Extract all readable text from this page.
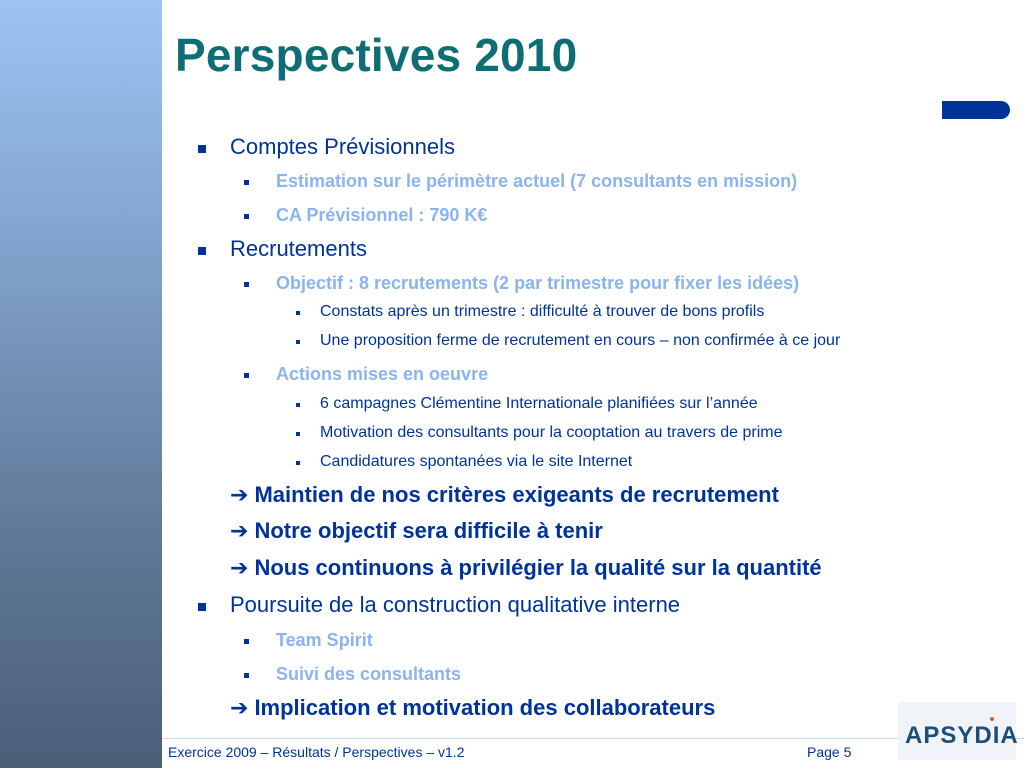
Perspectives 2010
Comptes Prévisionnels
Estimation sur le périmètre actuel (7 consultants en mission)
CA Prévisionnel : 790 K€
Recrutements
Objectif : 8 recrutements (2 par trimestre pour fixer les idées)
Constats après un trimestre : difficulté à trouver de bons profils
Une proposition ferme de recrutement en cours – non confirmée à ce jour
Actions mises en oeuvre
6 campagnes Clémentine Internationale planifiées sur l’année
Motivation des consultants pour la cooptation au travers de prime
Candidatures spontanées via le site Internet
➔ Maintien de nos critères exigeants de recrutement
➔ Notre objectif sera difficile à tenir
➔ Nous continuons à privilégier la qualité sur la quantité
Poursuite de la construction qualitative interne
Team Spirit
Suivi des consultants
➔ Implication et motivation des collaborateurs
Exercice 2009 – Résultats / Perspectives – v1.2	Page 5
APSYDIA
